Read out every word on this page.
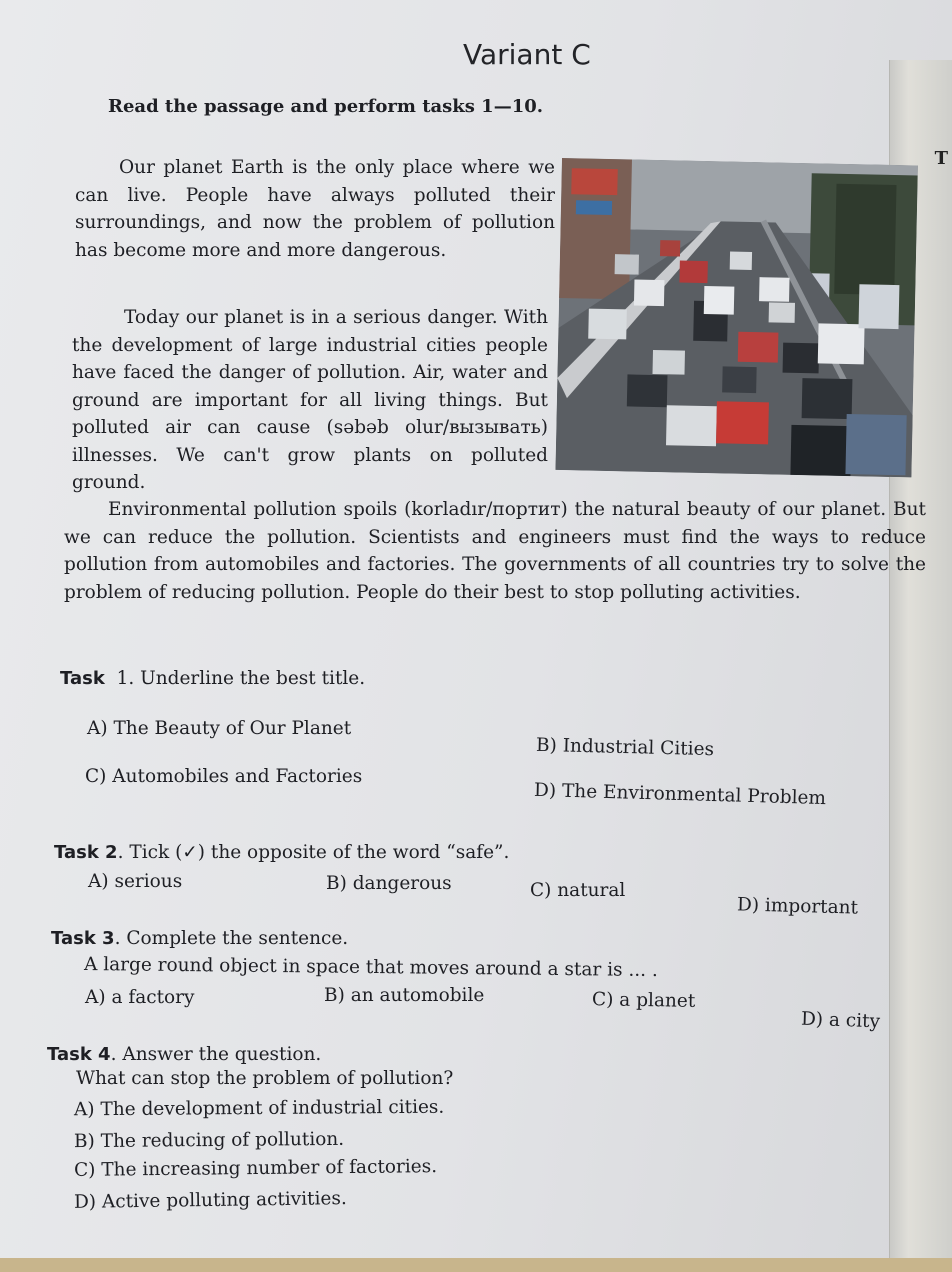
T
Variant C
Read the passage and perform tasks 1—10.

Our planet Earth is the only place where we can live. People have always polluted their surroundings, and now the problem of pollution has become more and more dangerous.

Today our planet is in a serious danger. With the development of large industrial cities people have faced the danger of pollution. Air, water and ground are important for all living things. But polluted air can cause (səbəb olur/вызывать) illnesses. We can't grow plants on polluted ground.

Environmental pollution spoils (korladır/портит) the natural beauty of our planet. But we can reduce the pollution. Scientists and engineers must find the ways to reduce pollution from automobiles and factories. The governments of all countries try to solve the problem of reducing pollution. People do their best to stop polluting activities.

Task 1. Underline the best title.
A) The Beauty of Our Planet
B) Industrial Cities
C) Automobiles and Factories
D) The Environmental Problem
Task 2. Tick (✓) the opposite of the word “safe”.
A) serious	B) dangerous	C) natural
D) important
Task 3. Complete the sentence.
A large round object in space that moves around a star is ... .
A) a factory	B) an automobile	C) a planet
D) a city
Task 4. Answer the question.
What can stop the problem of pollution?
A) The development of industrial cities.
B) The reducing of pollution.
C) The increasing number of factories.
D) Active polluting activities.
